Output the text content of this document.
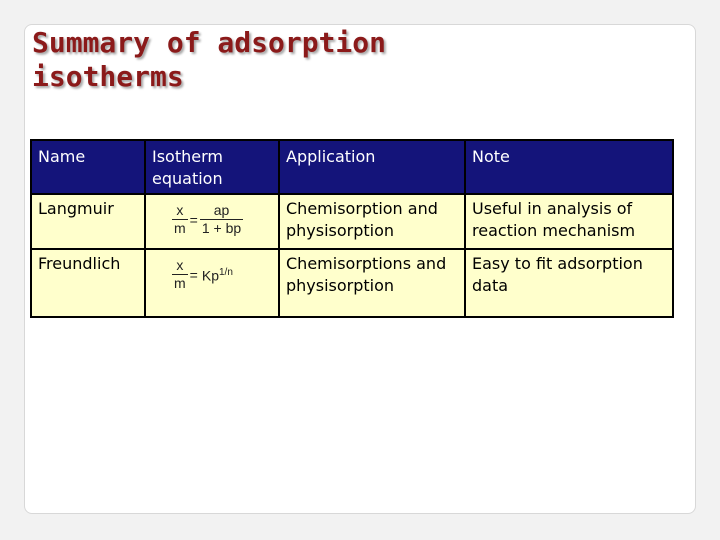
Summary of adsorption isotherms
Name	Isotherm equation	Application	Note
Langmuir	$\frac{x}{m} = \frac{ap}{1 + bp}$	Chemisorption and physisorption	Useful in analysis of reaction mechanism
Freundlich	$\frac{x}{m} = Kp^{1/n}$	Chemisorptions and physisorption	Easy to fit adsorption data
